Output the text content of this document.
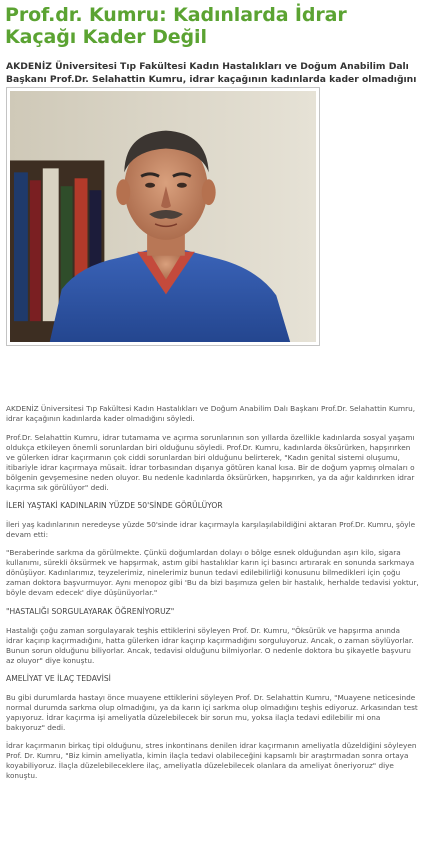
Prof.dr. Kumru: Kadınlarda İdrar Kaçağı Kader Değil

AKDENİZ Üniversitesi Tıp Fakültesi Kadın Hastalıkları ve Doğum Anabilim Dalı Başkanı Prof.Dr. Selahattin Kumru, idrar kaçağının kadınlarda kader olmadığını

AKDENİZ Üniversitesi Tıp Fakültesi Kadın Hastalıkları ve Doğum Anabilim Dalı Başkanı Prof.Dr. Selahattin Kumru, idrar kaçağının kadınlarda kader olmadığını söyledi.

Prof.Dr. Selahattin Kumru, idrar tutamama ve açırma sorunlarının son yıllarda özellikle kadınlarda sosyal yaşamı oldukça etkileyen önemli sorunlardan biri olduğunu söyledi. Prof.Dr. Kumru, kadınlarda öksürürken, hapşırırken ve gülerken idrar kaçırmanın çok ciddi sorunlardan biri olduğunu belirterek, "Kadın genital sistemi oluşumu, itibariyle idrar kaçırmaya müsait. İdrar torbasından dışarıya götüren kanal kısa. Bir de doğum yapmış olmaları o bölgenin gevşemesine neden oluyor. Bu nedenle kadınlarda öksürürken, hapşırırken, ya da ağır kaldırırken idrar kaçırma sık görülüyor" dedi.

İLERİ YAŞTAKİ KADINLARIN YÜZDE 50'SİNDE GÖRÜLÜYOR

İleri yaş kadınlarının neredeyse yüzde 50'sinde idrar kaçırmayla karşılaşılabildiğini aktaran Prof.Dr. Kumru, şöyle devam etti:

"Beraberinde sarkma da görülmekte. Çünkü doğumlardan dolayı o bölge esnek olduğundan aşırı kilo, sigara kullanımı, sürekli öksürmek ve hapşırmak, astım gibi hastalıklar karın içi basıncı artırarak en sonunda sarkmaya dönüşüyor. Kadınlarımız, teyzelerimiz, ninelerimiz bunun tedavi edilebilirliği konusunu bilmedikleri için çoğu zaman doktora başvurmuyor. Aynı menopoz gibi 'Bu da bizi başımıza gelen bir hastalık, herhalde tedavisi yoktur, böyle devam edecek' diye düşünüyorlar."

"HASTALIĞI SORGULAYARAK ÖĞRENİYORUZ"

Hastalığı çoğu zaman sorgulayarak teşhis ettiklerini söyleyen Prof. Dr. Kumru, "Öksürük ve hapşırma anında idrar kaçırıp kaçırmadığını, hatta gülerken idrar kaçırıp kaçırmadığını sorguluyoruz. Ancak, o zaman söylüyorlar. Bunun sorun olduğunu biliyorlar. Ancak, tedavisi olduğunu bilmiyorlar. O nedenle doktora bu şikayetle başvuru az oluyor" diye konuştu.

AMELİYAT VE İLAÇ TEDAVİSİ

Bu gibi durumlarda hastayı önce muayene ettiklerini söyleyen Prof. Dr. Selahattin Kumru, "Muayene neticesinde normal durumda sarkma olup olmadığını, ya da karın içi sarkma olup olmadığını teşhis ediyoruz. Arkasından test yapıyoruz. İdrar kaçırma işi ameliyatla düzelebilecek bir sorun mu, yoksa ilaçla tedavi edilebilir mi ona bakıyoruz" dedi.

İdrar kaçırmanın birkaç tipi olduğunu, stres inkontinans denilen idrar kaçırmanın ameliyatla düzeldiğini söyleyen Prof. Dr. Kumru, "Biz kimin ameliyatla, kimin ilaçla tedavi olabileceğini kapsamlı bir araştırmadan sonra ortaya koyabiliyoruz. İlaçla düzelebileceklere ilaç, ameliyatla düzelebilecek olanlara da ameliyat öneriyoruz" diye konuştu.
